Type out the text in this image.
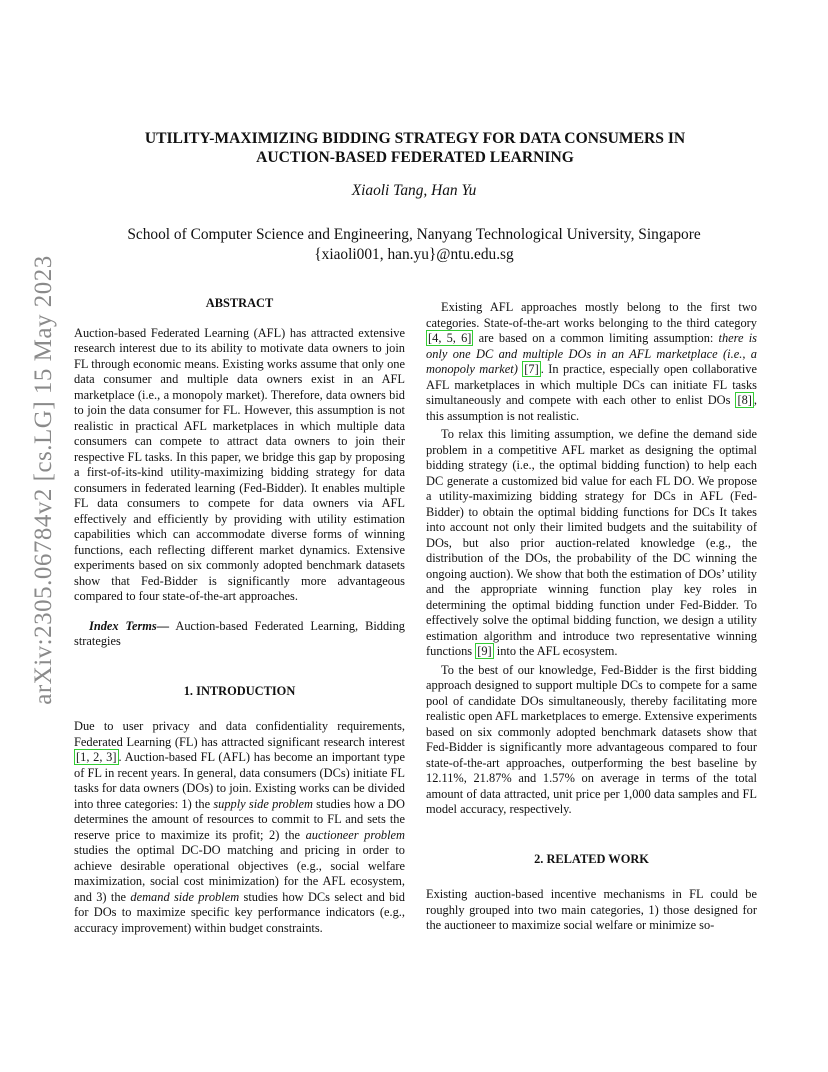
arXiv:2305.06784v2 [cs.LG] 15 May 2023
UTILITY-MAXIMIZING BIDDING STRATEGY FOR DATA CONSUMERS IN
AUCTION-BASED FEDERATED LEARNING
Xiaoli Tang, Han Yu
School of Computer Science and Engineering, Nanyang Technological University, Singapore
{xiaoli001, han.yu}@ntu.edu.sg
ABSTRACT

Auction-based Federated Learning (AFL) has attracted extensive research interest due to its ability to motivate data owners to join FL through economic means. Existing works assume that only one data consumer and multiple data owners exist in an AFL marketplace (i.e., a monopoly market). Therefore, data owners bid to join the data consumer for FL. However, this assumption is not realistic in practical AFL marketplaces in which multiple data consumers can compete to attract data owners to join their respective FL tasks. In this paper, we bridge this gap by proposing a first-of-its-kind utility-maximizing bidding strategy for data consumers in federated learning (Fed-Bidder). It enables multiple FL data consumers to compete for data owners via AFL effectively and efficiently by providing with utility estimation capabilities which can accommodate diverse forms of winning functions, each reflecting different market dynamics. Extensive experiments based on six commonly adopted benchmark datasets show that Fed-Bidder is significantly more advantageous compared to four state-of-the-art approaches.

Index Terms— Auction-based Federated Learning, Bidding strategies

1. INTRODUCTION

Due to user privacy and data confidentiality requirements, Federated Learning (FL) has attracted significant research interest [1, 2, 3] . Auction-based FL (AFL) has become an important type of FL in recent years. In general, data consumers (DCs) initiate FL tasks for data owners (DOs) to join. Existing works can be divided into three categories: 1) the supply side problem studies how a DO determines the amount of resources to commit to FL and sets the reserve price to maximize its profit; 2) the auctioneer problem studies the optimal DC-DO matching and pricing in order to achieve desirable operational objectives (e.g., social welfare maximization, social cost minimization) for the AFL ecosystem, and 3) the demand side problem studies how DCs select and bid for DOs to maximize specific key performance indicators (e.g., accuracy improvement) within budget constraints.

Existing AFL approaches mostly belong to the first two categories. State-of-the-art works belonging to the third category [4, 5, 6] are based on a common limiting assumption: there is only one DC and multiple DOs in an AFL marketplace (i.e., a monopoly market) [7] . In practice, especially open collaborative AFL marketplaces in which multiple DCs can initiate FL tasks simultaneously and compete with each other to enlist DOs [8] , this assumption is not realistic.

To relax this limiting assumption, we define the demand side problem in a competitive AFL market as designing the optimal bidding strategy (i.e., the optimal bidding function) to help each DC generate a customized bid value for each FL DO. We propose a utility-maximizing bidding strategy for DCs in AFL (Fed-Bidder) to obtain the optimal bidding functions for DCs It takes into account not only their limited budgets and the suitability of DOs, but also prior auction-related knowledge (e.g., the distribution of the DOs, the probability of the DC winning the ongoing auction). We show that both the estimation of DOs’ utility and the appropriate winning function play key roles in determining the optimal bidding function under Fed-Bidder. To effectively solve the optimal bidding function, we design a utility estimation algorithm and introduce two representative winning functions [9] into the AFL ecosystem.

To the best of our knowledge, Fed-Bidder is the first bidding approach designed to support multiple DCs to compete for a same pool of candidate DOs simultaneously, thereby facilitating more realistic open AFL marketplaces to emerge. Extensive experiments based on six commonly adopted benchmark datasets show that Fed-Bidder is significantly more advantageous compared to four state-of-the-art approaches, outperforming the best baseline by 12.11%, 21.87% and 1.57% on average in terms of the total amount of data attracted, unit price per 1,000 data samples and FL model accuracy, respectively.

2. RELATED WORK

Existing auction-based incentive mechanisms in FL could be roughly grouped into two main categories, 1) those designed for the auctioneer to maximize social welfare or minimize so-
